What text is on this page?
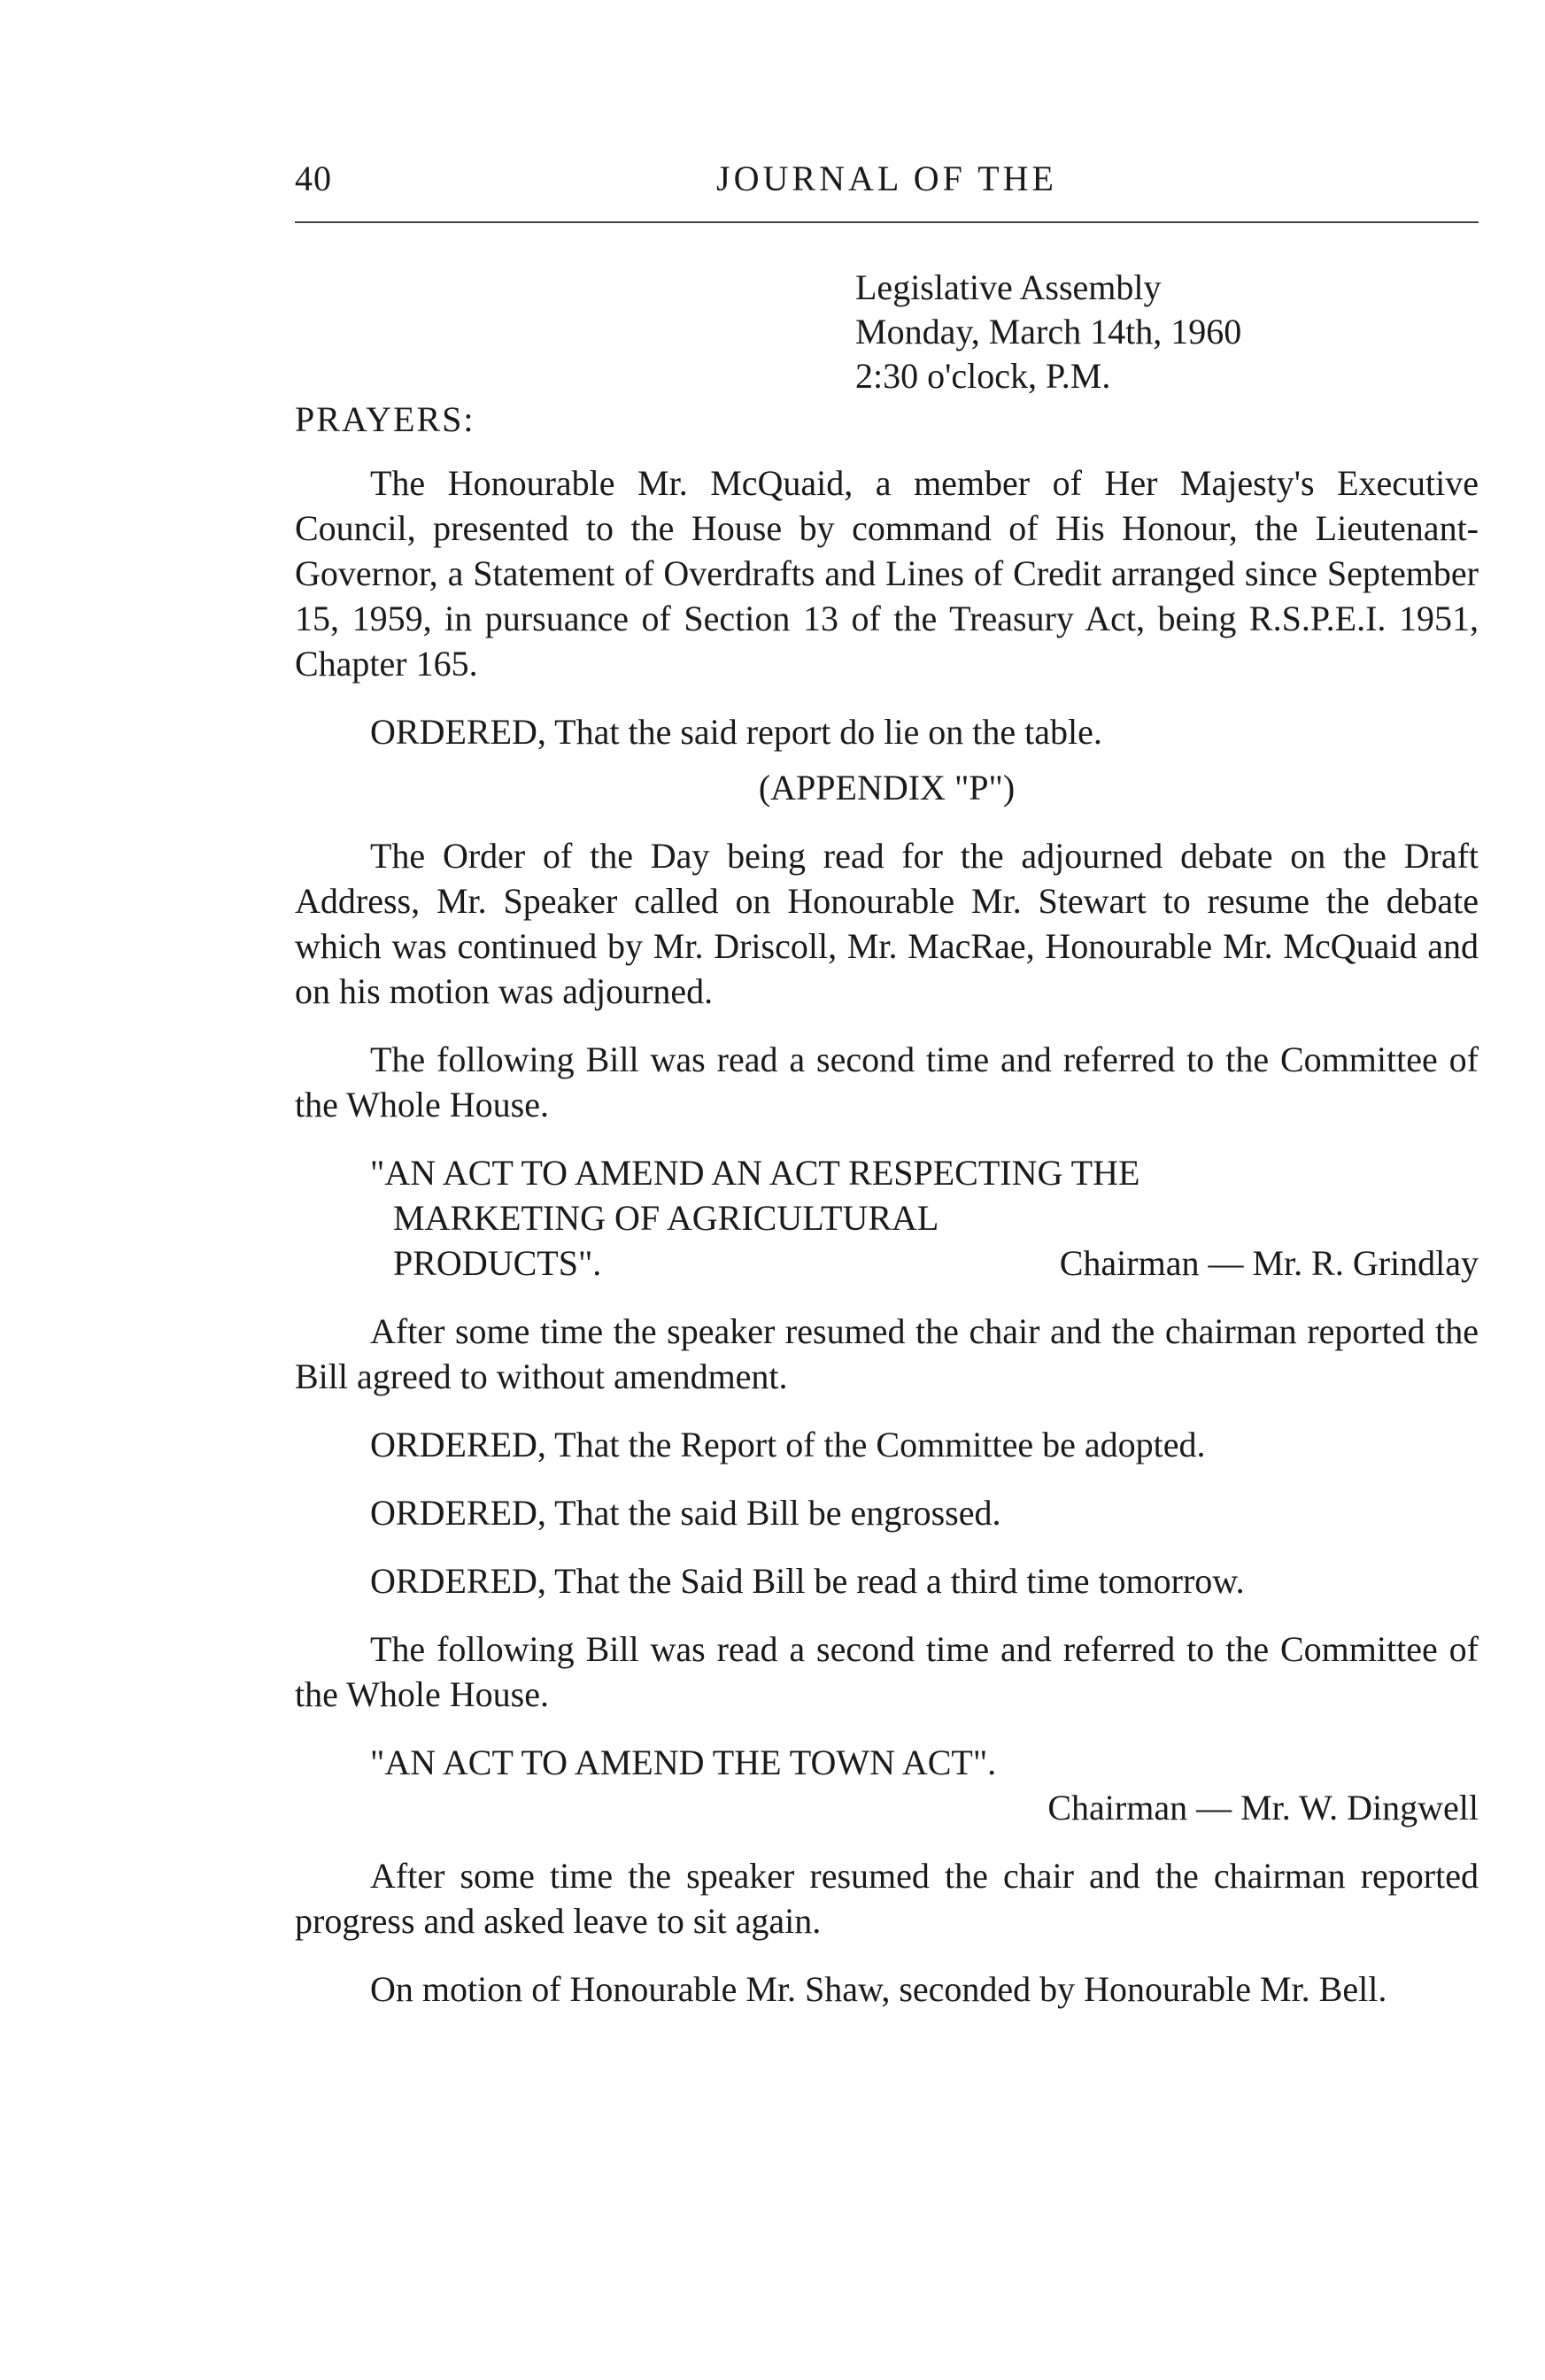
40	JOURNAL OF THE
Legislative Assembly
Monday, March 14th, 1960
2:30 o'clock, P.M.
PRAYERS:

The Honourable Mr. McQuaid, a member of Her Majesty's Executive Council, presented to the House by command of His Honour, the Lieutenant-Governor, a Statement of Overdrafts and Lines of Credit arranged since September 15, 1959, in pursuance of Section 13 of the Treasury Act, being R.S.P.E.I. 1951, Chapter 165.

ORDERED, That the said report do lie on the table.

(APPENDIX "P")

The Order of the Day being read for the adjourned debate on the Draft Address, Mr. Speaker called on Honourable Mr. Stewart to resume the debate which was continued by Mr. Driscoll, Mr. MacRae, Honourable Mr. McQuaid and on his motion was adjourned.

The following Bill was read a second time and referred to the Committee of the Whole House.

"AN ACT TO AMEND AN ACT RESPECTING THE
MARKETING OF AGRICULTURAL
PRODUCTS".	Chairman — Mr. R. Grindlay

After some time the speaker resumed the chair and the chairman reported the Bill agreed to without amendment.

ORDERED, That the Report of the Committee be adopted.

ORDERED, That the said Bill be engrossed.

ORDERED, That the Said Bill be read a third time tomorrow.

The following Bill was read a second time and referred to the Committee of the Whole House.

"AN ACT TO AMEND THE TOWN ACT".
Chairman — Mr. W. Dingwell

After some time the speaker resumed the chair and the chairman reported progress and asked leave to sit again.

On motion of Honourable Mr. Shaw, seconded by Honourable Mr. Bell.
